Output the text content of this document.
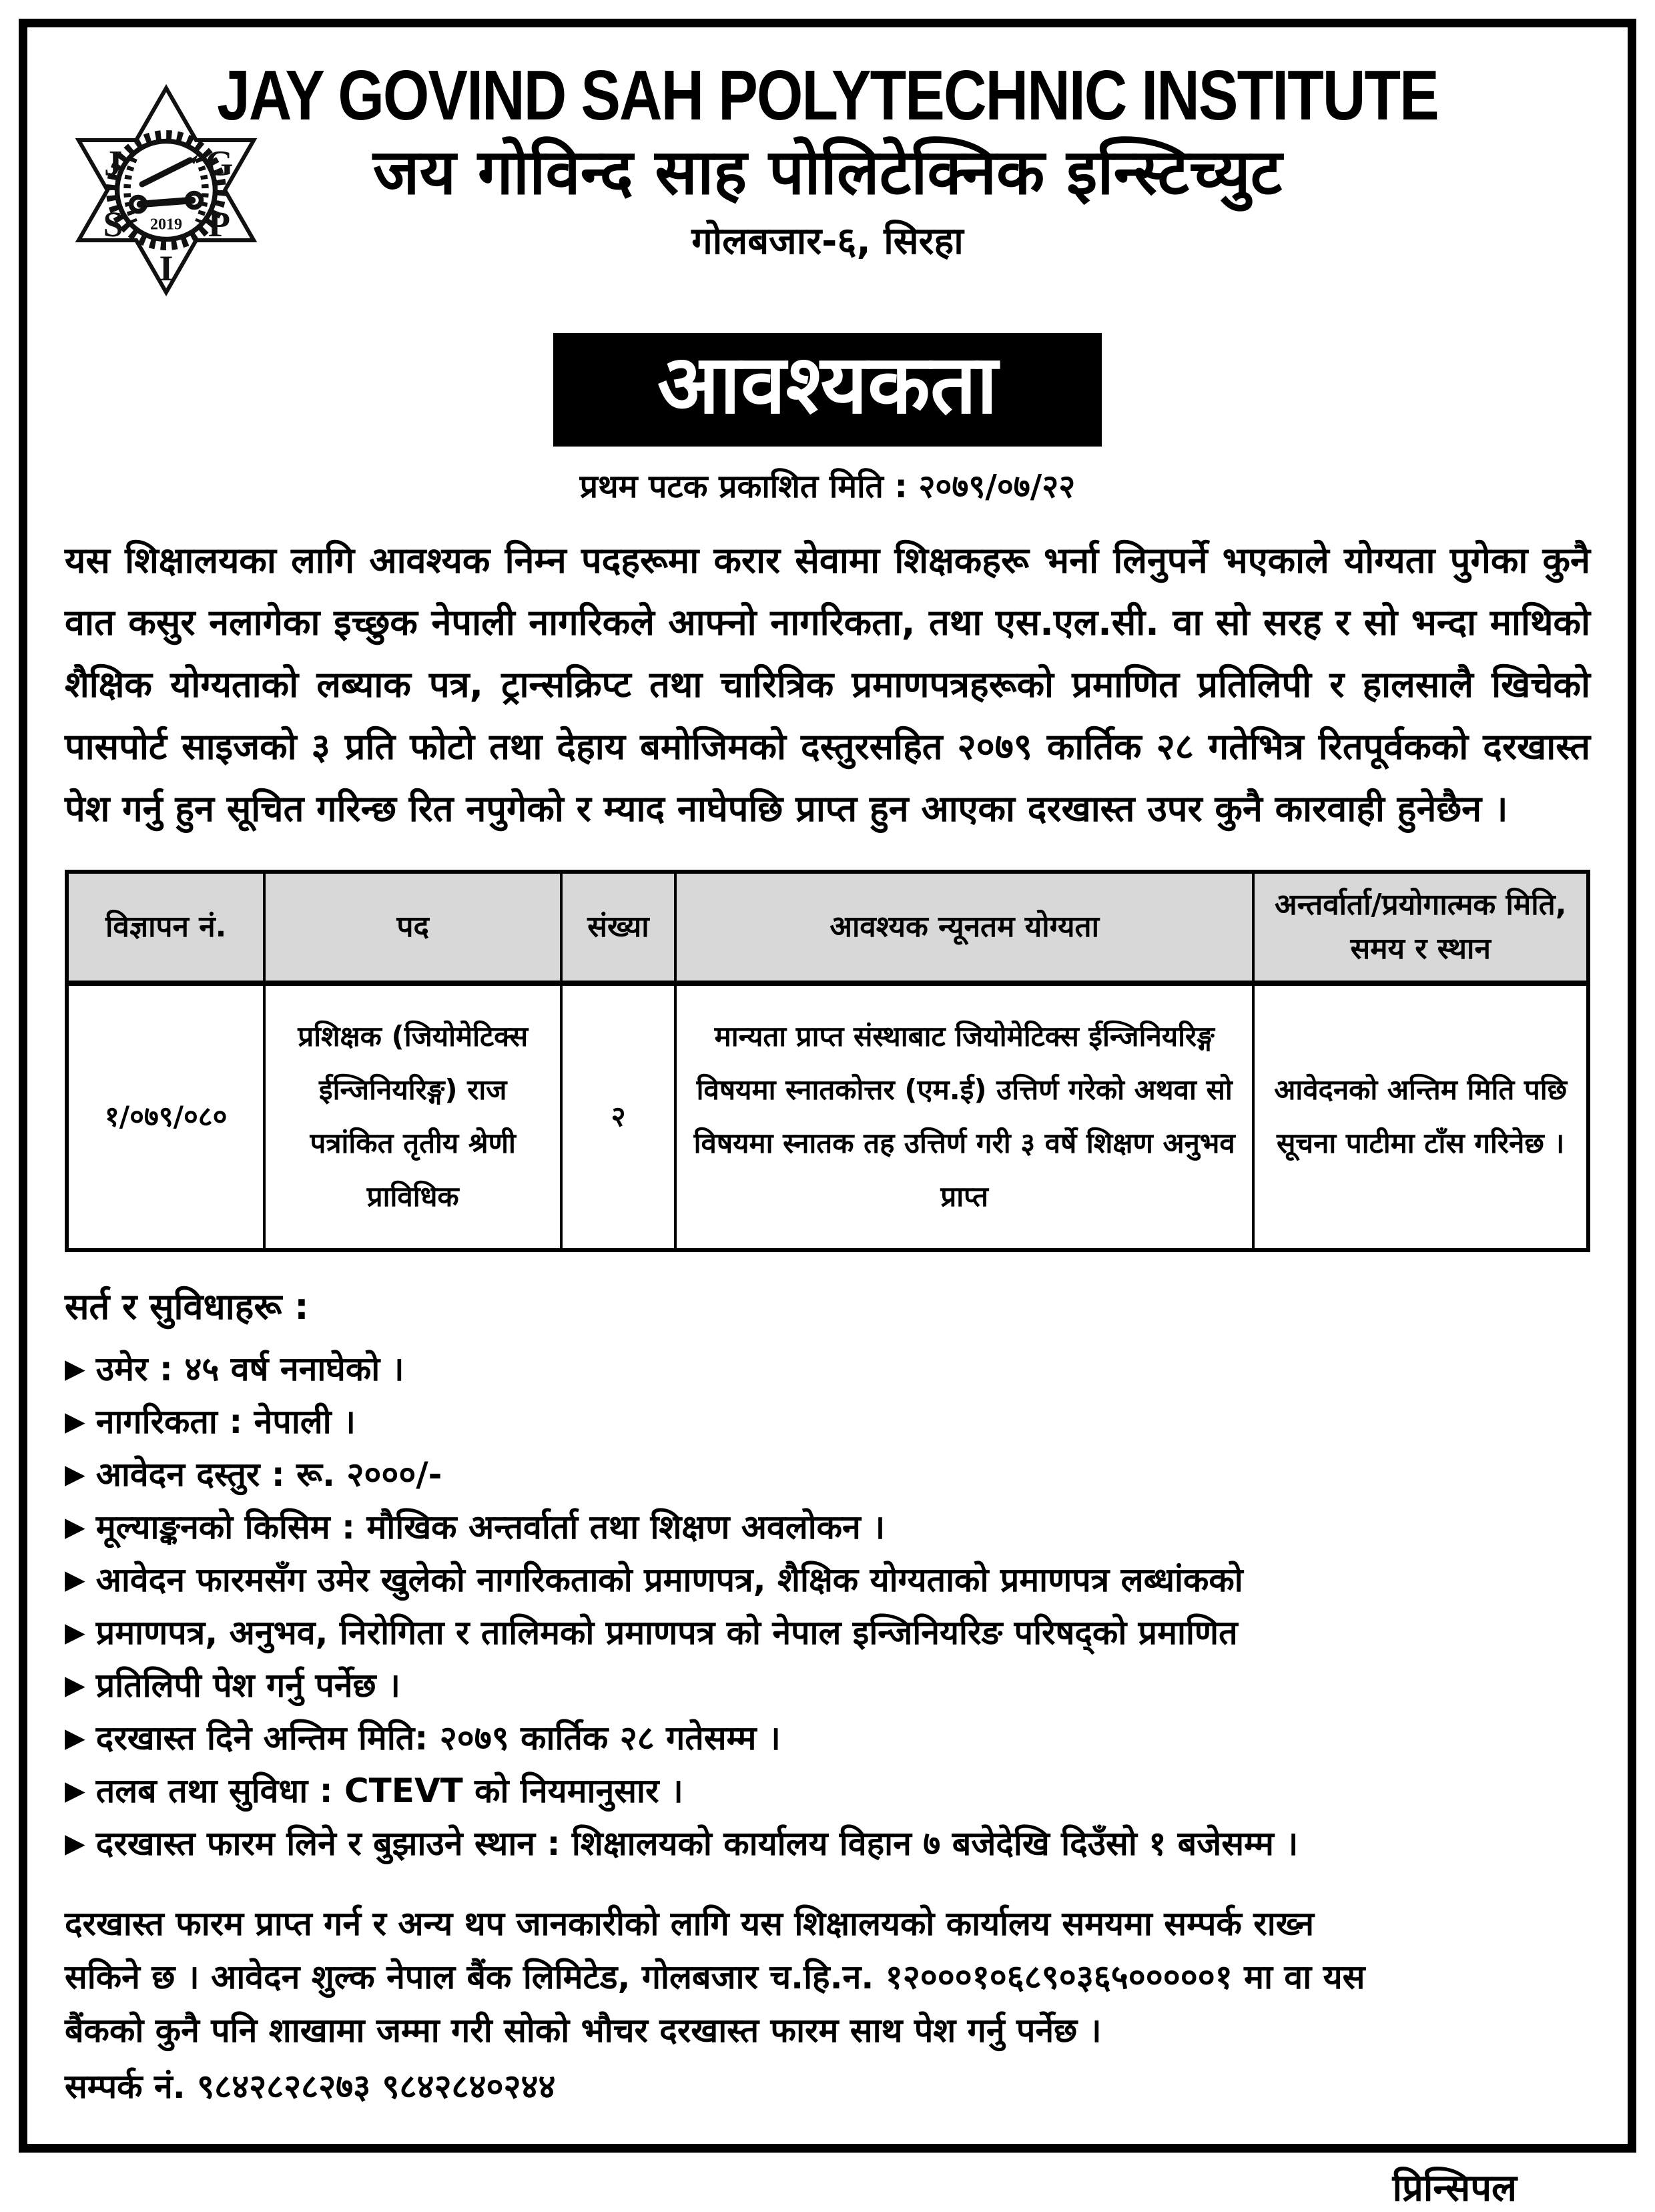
2019
J	G
S	P
I
JAY GOVIND SAH POLYTECHNIC INSTITUTE
जय गोविन्द साह पोलिटेक्निक इन्स्टिच्युट
गोलबजार-६, सिरहा
आवश्यकता
प्रथम पटक प्रकाशित मिति : २०७९/०७/२२

यस शिक्षालयका लागि आवश्यक निम्न पदहरूमा करार सेवामा शिक्षकहरू भर्ना लिनुपर्ने भएकाले योग्यता पुगेका कुनै वात कसुर नलागेका इच्छुक नेपाली नागरिकले आफ्नो नागरिकता, तथा एस.एल.सी. वा सो सरह र सो भन्दा माथिको शैक्षिक योग्यताको लब्याक पत्र, ट्रान्सक्रिप्ट तथा चारित्रिक प्रमाणपत्रहरूको प्रमाणित प्रतिलिपी र हालसालै खिचेको पासपोर्ट साइजको ३ प्रति फोटो तथा देहाय बमोजिमको दस्तुरसहित २०७९ कार्तिक २८ गतेभित्र रितपूर्वकको दरखास्त पेश गर्नु हुन सूचित गरिन्छ रित नपुगेको र म्याद नाघेपछि प्राप्त हुन आएका दरखास्त उपर कुनै कारवाही हुनेछैन ।

विज्ञापन नं.	पद	संख्या	आवश्यक न्यूनतम योग्यता	अन्तर्वार्ता/प्रयोगात्मक मिति, समय र स्थान
१/०७९/०८०	प्रशिक्षक (जियोमेटिक्स ईन्जिनियरिङ्ग) राज पत्रांकित तृतीय श्रेणी प्राविधिक	२	मान्यता प्राप्त संस्थाबाट जियोमेटिक्स ईन्जिनियरिङ्ग विषयमा स्नातकोत्तर (एम.ई) उत्तिर्ण गरेको अथवा सो विषयमा स्नातक तह उत्तिर्ण गरी ३ वर्षे शिक्षण अनुभव प्राप्त	आवेदनको अन्तिम मिति पछि सूचना पाटीमा टाँस गरिनेछ ।
सर्त र सुविधाहरू :
▶ उमेर : ४५ वर्ष ननाघेको ।
▶ नागरिकता : नेपाली ।
▶ आवेदन दस्तुर : रू. २०००/-
▶ मूल्याङ्कनको किसिम : मौखिक अन्तर्वार्ता तथा शिक्षण अवलोकन ।
▶ आवेदन फारमसँग उमेर खुलेको नागरिकताको प्रमाणपत्र, शैक्षिक योग्यताको प्रमाणपत्र लब्धांकको
▶ प्रमाणपत्र, अनुभव, निरोगिता र तालिमको प्रमाणपत्र को नेपाल इन्जिनियरिङ परिषद्को प्रमाणित
▶ प्रतिलिपी पेश गर्नु पर्नेछ ।
▶ दरखास्त दिने अन्तिम मिति: २०७९ कार्तिक २८ गतेसम्म ।
▶ तलब तथा सुविधा : CTEVT को नियमानुसार ।
▶ दरखास्त फारम लिने र बुझाउने स्थान : शिक्षालयको कार्यालय विहान ७ बजेदेखि दिउँसो १ बजेसम्म ।
दरखास्त फारम प्राप्त गर्न र अन्य थप जानकारीको लागि यस शिक्षालयको कार्यालय समयमा सम्पर्क राख्न
सकिने छ । आवेदन शुल्क नेपाल बैंक लिमिटेड, गोलबजार च.हि.न. १२०००१०६८९०३६५०००००१ मा वा यस
बैंकको कुनै पनि शाखामा जम्मा गरी सोको भौचर दरखास्त फारम साथ पेश गर्नु पर्नेछ ।
सम्पर्क नं. ९८४२८२८२७३ ९८४२८४०२४४
प्रिन्सिपल
